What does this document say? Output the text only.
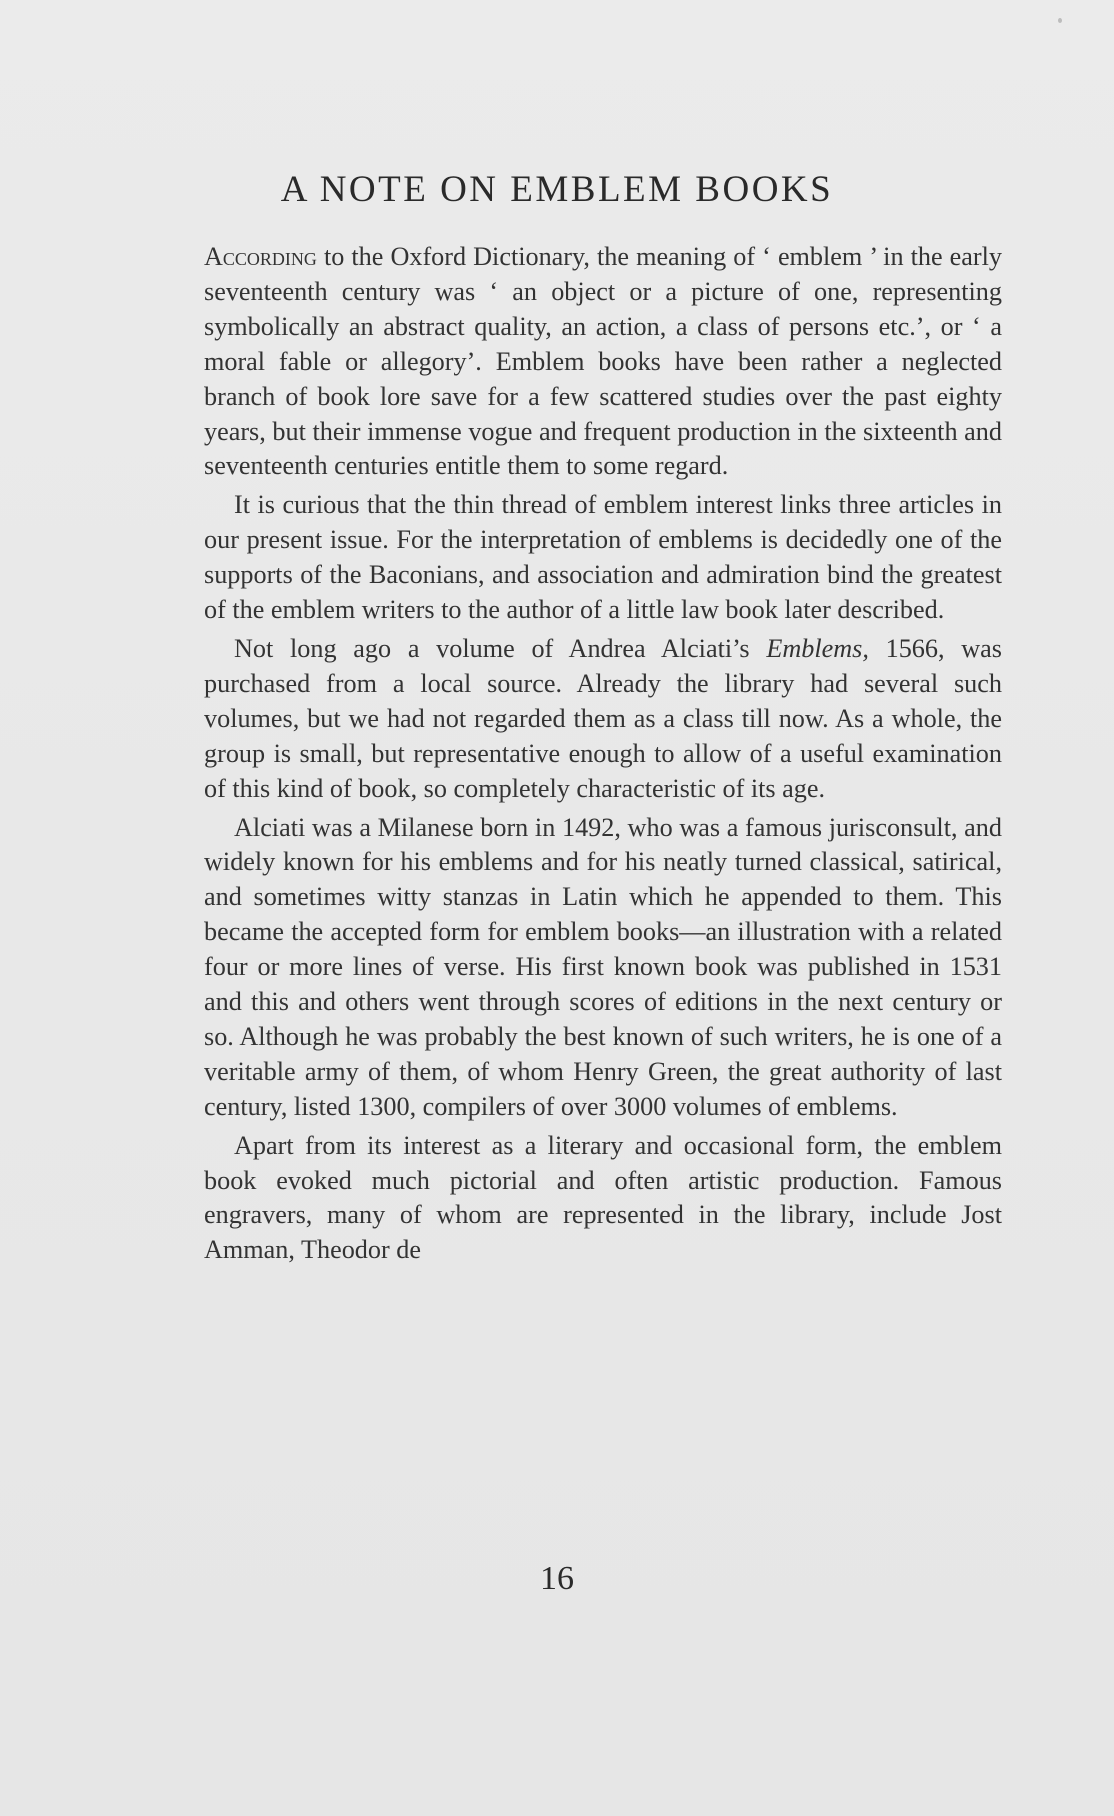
A NOTE ON EMBLEM BOOKS

According to the Oxford Dictionary, the meaning of ‘ emblem ’ in the early seventeenth century was ‘ an object or a picture of one, representing symbolically an abstract quality, an action, a class of persons etc.’, or ‘ a moral fable or allegory’. Emblem books have been rather a neglected branch of book lore save for a few scattered studies over the past eighty years, but their immense vogue and frequent production in the sixteenth and seventeenth centuries entitle them to some regard.

It is curious that the thin thread of emblem interest links three articles in our present issue. For the interpretation of emblems is decidedly one of the supports of the Baconians, and association and admiration bind the greatest of the emblem writers to the author of a little law book later described.

Not long ago a volume of Andrea Alciati’s Emblems, 1566, was purchased from a local source. Already the library had several such volumes, but we had not regarded them as a class till now. As a whole, the group is small, but representative enough to allow of a useful examination of this kind of book, so completely characteristic of its age.

Alciati was a Milanese born in 1492, who was a famous jurisconsult, and widely known for his emblems and for his neatly turned classical, satirical, and sometimes witty stanzas in Latin which he appended to them. This became the accepted form for emblem books—an illustration with a related four or more lines of verse. His first known book was published in 1531 and this and others went through scores of editions in the next century or so. Although he was probably the best known of such writers, he is one of a veritable army of them, of whom Henry Green, the great authority of last century, listed 1300, compilers of over 3000 volumes of emblems.

Apart from its interest as a literary and occasional form, the emblem book evoked much pictorial and often artistic production. Famous engravers, many of whom are represented in the library, include Jost Amman, Theodor de

16
